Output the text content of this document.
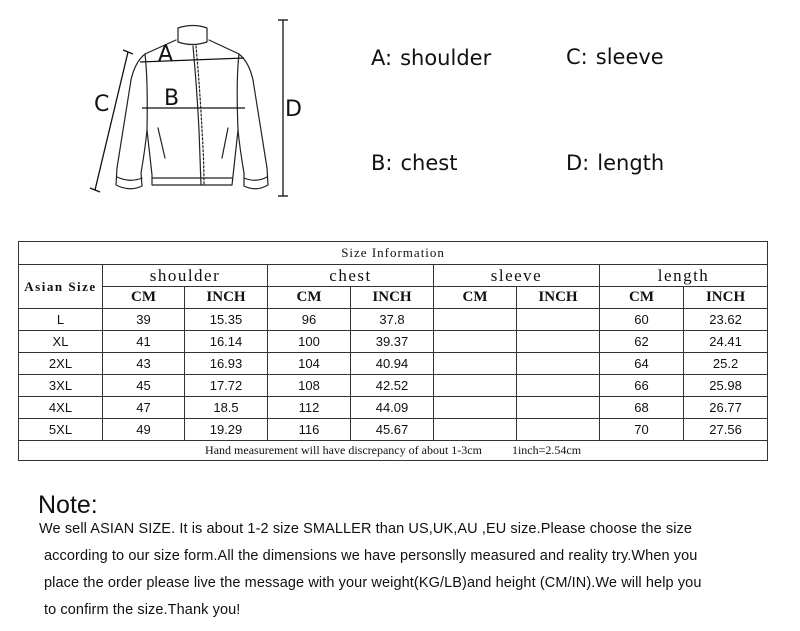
A
B
C	D
A: shoulder	C: sleeve
B: chest	D: length
Size Information								
Asian Size	shoulder		chest		sleeve		length	
	CM	INCH	CM	INCH	CM	INCH	CM	INCH
L	39	15.35	96	37.8			60	23.62
XL	41	16.14	100	39.37			62	24.41
2XL	43	16.93	104	40.94			64	25.2
3XL	45	17.72	108	42.52			66	25.98
4XL	47	18.5	112	44.09			68	26.77
5XL	49	19.29	116	45.67			70	27.56
Hand measurement will have discrepancy of about 1-3cm          1inch=2.54cm								
Note:
We sell ASIAN SIZE. It is about 1-2 size SMALLER than US,UK,AU ,EU size.Please choose the size
according to our size form.All the dimensions we have personslly measured and reality try.When you
place the order please live the message with your weight(KG/LB)and height (CM/IN).We will help you
to confirm the size.Thank you!
